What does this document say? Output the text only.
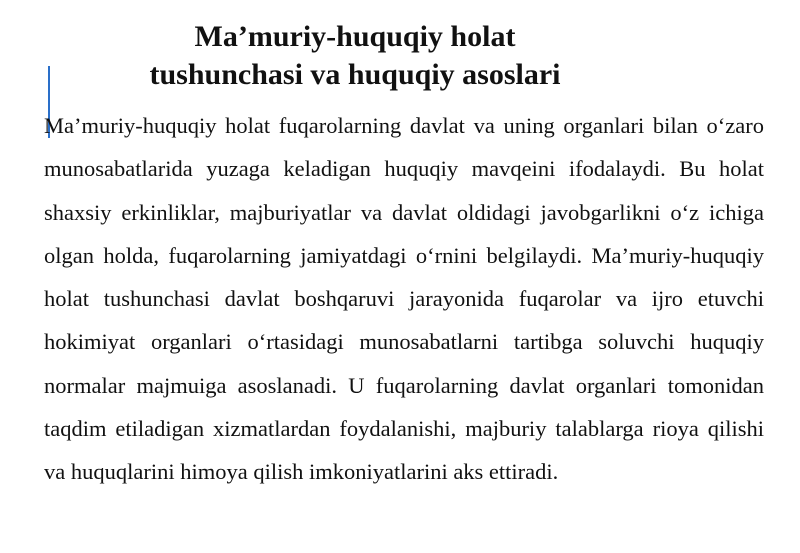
Ma’muriy-huquqiy holat
tushunchasi va huquqiy asoslari

Ma’muriy-huquqiy holat fuqarolarning davlat va uning organlari bilan o‘zaro munosabatlarida yuzaga keladigan huquqiy mavqeini ifodalaydi. Bu holat shaxsiy erkinliklar, majburiyatlar va davlat oldidagi javobgarlikni o‘z ichiga olgan holda, fuqarolarning jamiyatdagi o‘rnini belgilaydi. Ma’muriy-huquqiy holat tushunchasi davlat boshqaruvi jarayonida fuqarolar va ijro etuvchi hokimiyat organlari o‘rtasidagi munosabatlarni tartibga soluvchi huquqiy normalar majmuiga asoslanadi. U fuqarolarning davlat organlari tomonidan taqdim etiladigan xizmatlardan foydalanishi, majburiy talablarga rioya qilishi va huquqlarini himoya qilish imkoniyatlarini aks ettiradi.
